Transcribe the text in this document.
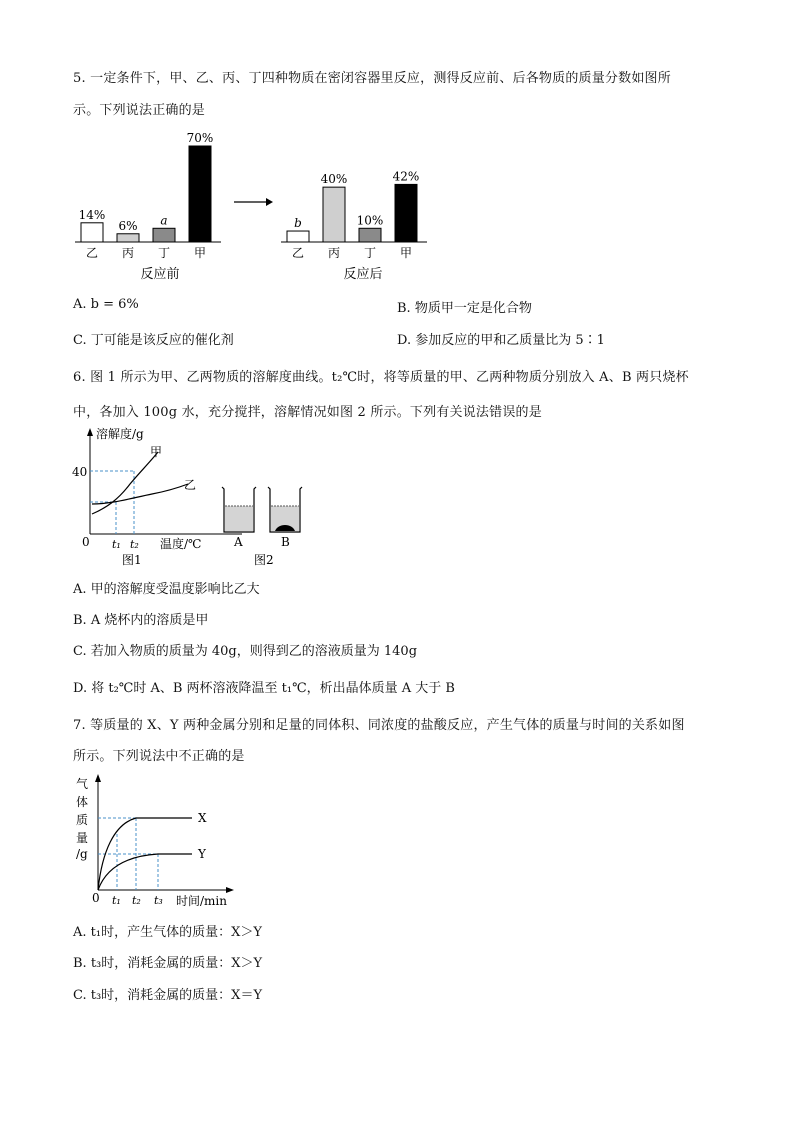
5. 一定条件下，甲、乙、丙、丁四种物质在密闭容器里反应，测得反应前、后各物质的质量分数如图所
示。下列说法正确的是
14%
乙
6%
丙
a
丁
70%
甲
b
乙
40%
丙
10%
丁
42%
甲
反应前	反应后
A. b = 6%	B. 物质甲一定是化合物
C. 丁可能是该反应的催化剂	D. 参加反应的甲和乙质量比为 5∶1
6. 图 1 所示为甲、乙两物质的溶解度曲线。t₂℃时，将等质量的甲、乙两种物质分别放入 A、B 两只烧杯
中，各加入 100g 水，充分搅拌，溶解情况如图 2 所示。下列有关说法错误的是
溶解度/g
40
0
甲
乙
t₁ t₂ 温度/℃
图1
A	B
图2
A. 甲的溶解度受温度影响比乙大
B. A 烧杯内的溶质是甲
C. 若加入物质的质量为 40g，则得到乙的溶液质量为 140g
D. 将 t₂℃时 A、B 两杯溶液降温至 t₁℃，析出晶体质量 A 大于 B
7. 等质量的 X、Y 两种金属分别和足量的同体积、同浓度的盐酸反应，产生气体的质量与时间的关系如图
所示。下列说法中不正确的是
气
体
质
量
/g
0
X
Y
t₁ t₂ t₃ 时间/min
A. t₁时，产生气体的质量：X＞Y
B. t₃时，消耗金属的质量：X＞Y
C. t₃时，消耗金属的质量：X＝Y
